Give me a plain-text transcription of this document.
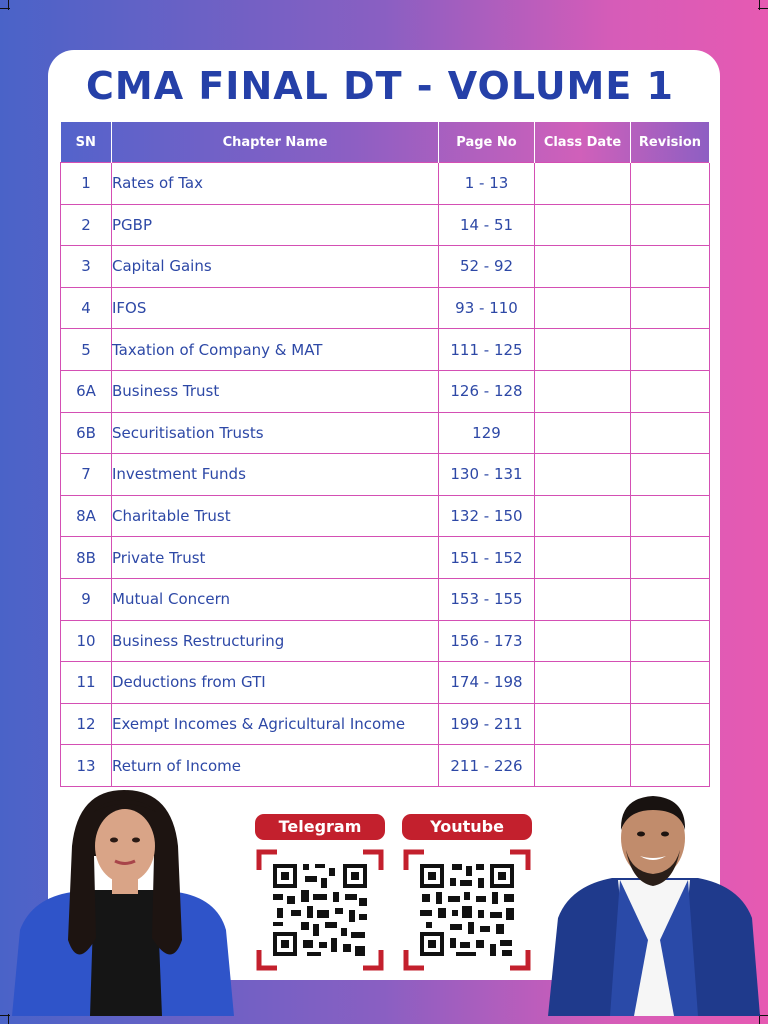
CMA FINAL DT - VOLUME 1
SN	Chapter Name	Page No	Class Date	Revision
1	Rates of Tax	1 - 13		
2	PGBP	14 - 51		
3	Capital Gains	52 - 92		
4	IFOS	93 - 110		
5	Taxation of Company & MAT	111 - 125		
6A	Business Trust	126 - 128		
6B	Securitisation Trusts	129		
7	Investment Funds	130 - 131		
8A	Charitable Trust	132 - 150		
8B	Private Trust	151 - 152		
9	Mutual Concern	153 - 155		
10	Business Restructuring	156 - 173		
11	Deductions from GTI	174 - 198		
12	Exempt Incomes & Agricultural Income	199 - 211		
13	Return of Income	211 - 226		
Telegram	Youtube
